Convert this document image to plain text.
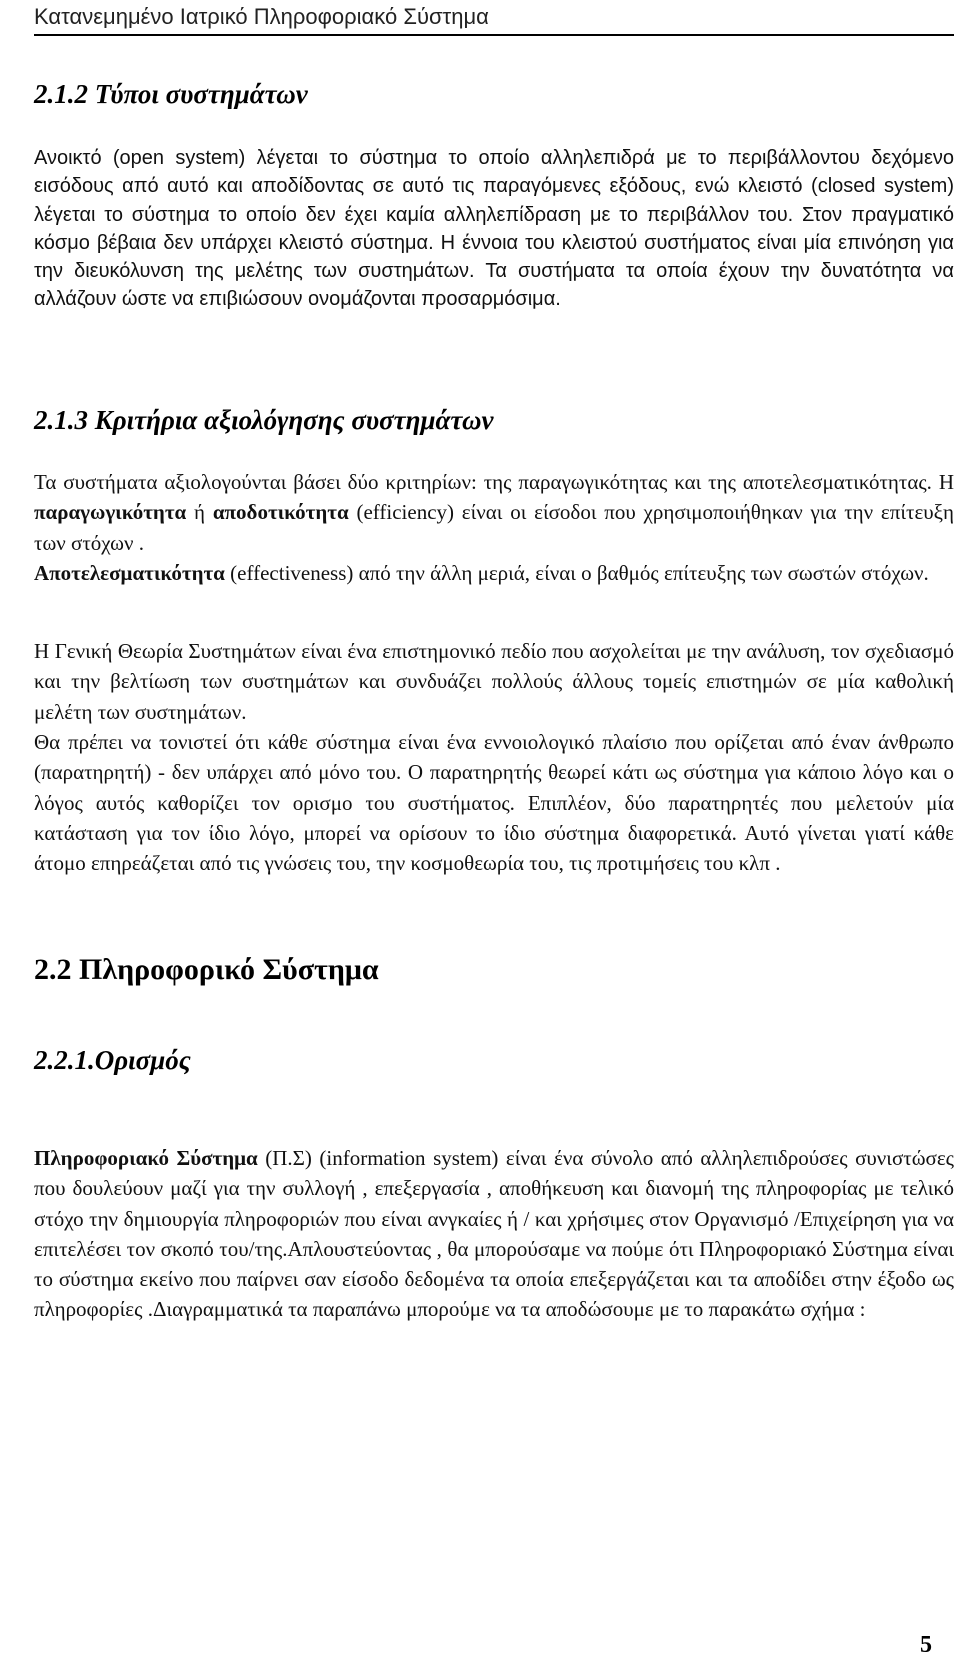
Κατανεμημένο Ιατρικό Πληροφοριακό Σύστημα
2.1.2 Τύποι συστημάτων
Ανοικτό (open system) λέγεται το σύστημα το οποίο αλληλεπιδρά με το περιβάλλοντου δεχόμενο εισόδους από αυτό και αποδίδοντας σε αυτό τις παραγόμενες εξόδους, ενώ κλειστό (closed system) λέγεται το σύστημα το οποίο δεν έχει καμία αλληλεπίδραση με το περιβάλλον του. Στον πραγματικό κόσμο βέβαια δεν υπάρχει κλειστό σύστημα. Η έννοια του κλειστού συστήματος είναι μία επινόηση για την διευκόλυνση της μελέτης των συστημάτων. Τα συστήματα τα οποία έχουν την δυνατότητα να αλλάζουν ώστε να επιβιώσουν ονομάζονται προσαρμόσιμα.
2.1.3 Κριτήρια αξιολόγησης συστημάτων
Τα συστήματα αξιολογούνται βάσει δύο κριτηρίων: της παραγωγικότητας και της αποτελεσματικότητας. Η παραγωγικότητα ή αποδοτικότητα (efficiency) είναι οι είσοδοι που χρησιμοποιήθηκαν για την επίτευξη των στόχων .
Αποτελεσματικότητα (effectiveness) από την άλλη μεριά, είναι ο βαθμός επίτευξης των σωστών στόχων.
Η Γενική Θεωρία Συστημάτων είναι ένα επιστημονικό πεδίο που ασχολείται με την ανάλυση, τον σχεδιασμό και την βελτίωση των συστημάτων και συνδυάζει πολλούς άλλους τομείς επιστημών σε μία καθολική μελέτη των συστημάτων.
Θα πρέπει να τονιστεί ότι κάθε σύστημα είναι ένα εννοιολογικό πλαίσιο που ορίζεται από έναν άνθρωπο (παρατηρητή) - δεν υπάρχει από μόνο του. Ο παρατηρητής θεωρεί κάτι ως σύστημα για κάποιο λόγο και ο λόγος αυτός καθορίζει τον ορισμο του συστήματος. Επιπλέον, δύο παρατηρητές που μελετούν μία κατάσταση για τον ίδιο λόγο, μπορεί να ορίσουν το ίδιο σύστημα διαφορετικά. Αυτό γίνεται γιατί κάθε άτομο επηρεάζεται από τις γνώσεις του, την κοσμοθεωρία του, τις προτιμήσεις του κλπ .
2.2 Πληροφορικό Σύστημα
2.2.1.Ορισμός
Πληροφοριακό Σύστημα (Π.Σ) (information system) είναι ένα σύνολο από αλληλεπιδρούσες συνιστώσες που δουλεύουν μαζί για την συλλογή , επεξεργασία , αποθήκευση και διανομή της πληροφορίας με τελικό στόχο την δημιουργία πληροφοριών που είναι ανγκαίες ή / και χρήσιμες στον Οργανισμό /Επιχείρηση για να επιτελέσει τον σκοπό του/της.Απλουστεύοντας , θα μπορούσαμε να πούμε ότι Πληροφοριακό Σύστημα είναι το σύστημα εκείνο που παίρνει σαν είσοδο δεδομένα τα οποία επεξεργάζεται και τα αποδίδει στην έξοδο ως πληροφορίες .Διαγραμματικά τα παραπάνω μπορούμε να τα αποδώσουμε με το παρακάτω σχήμα :
5
